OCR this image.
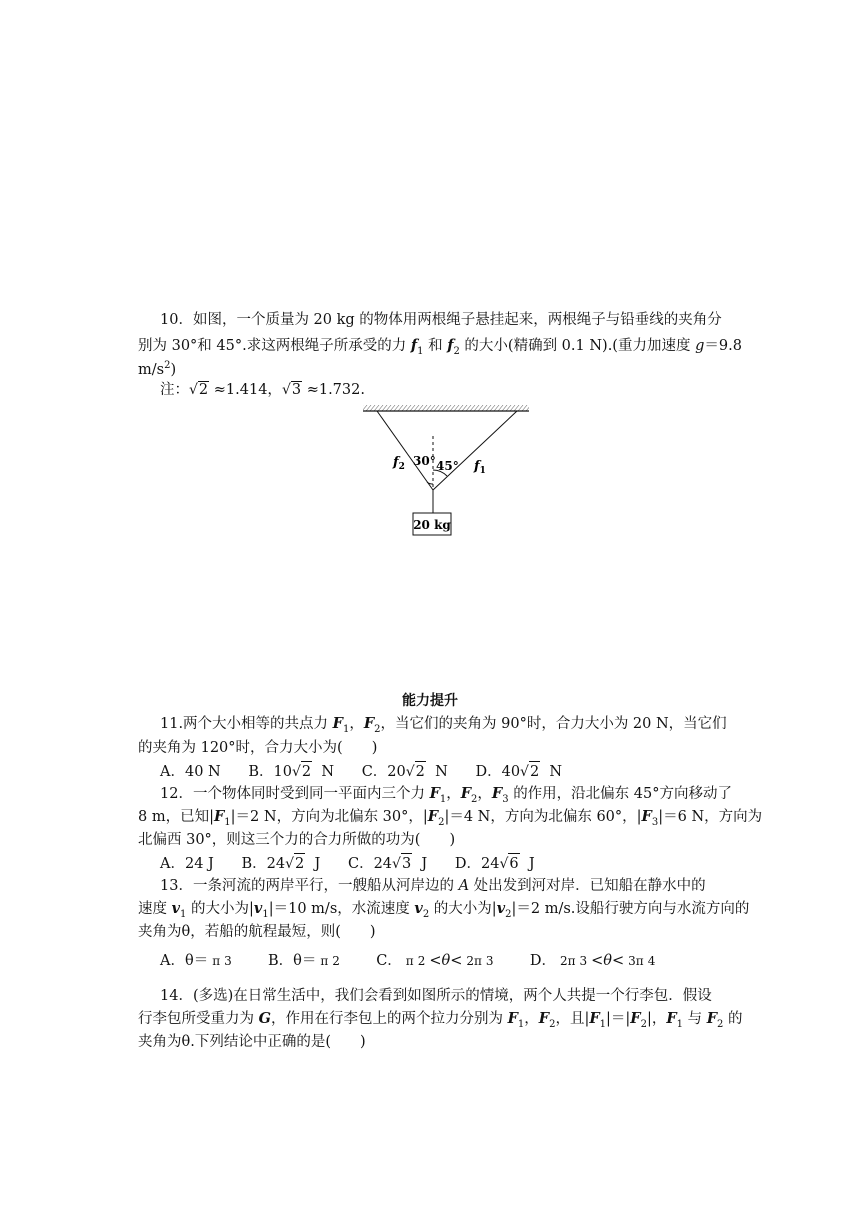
10．如图，一个质量为 20 kg 的物体用两根绳子悬挂起来，两根绳子与铅垂线的夹角分
别为 30°和 45°.求这两根绳子所承受的力 $f_1$ 和 $f_2$ 的大小(精确到 0.1 N).(重力加速度 g＝9.8
$m/s^2$)
注：√2 ≈1.414，√3 ≈1.732.
20 kg
30° 45°
$f_2$	$f_1$
能力提升
11.两个大小相等的共点力 $F_1$，$F_2$，当它们的夹角为 90°时，合力大小为 20 N，当它们
的夹角为 120°时，合力大小为(　　)
A．40 N B．10√2 N C．20√2 N D．40√2 N
12．一个物体同时受到同一平面内三个力 $F_1$，$F_2$，$F_3$ 的作用，沿北偏东 45°方向移动了
8 m，已知$|F_1|=2$ N，方向为北偏东 30°，$|F_2|=4$ N，方向为北偏东 60°，$|F_3|=6$ N，方向为
北偏西 30°，则这三个力的合力所做的功为(　　)
A．24 J B．24√2 J C．24√3 J D．24√6 J
13．一条河流的两岸平行，一艘船从河岸边的 A 处出发到河对岸．已知船在静水中的
速度 $v_1$ 的大小为$|v_1|=10$ m/s，水流速度 $v_2$ 的大小为$|v_2|=2$ m/s.设船行驶方向与水流方向的
夹角为θ，若船的航程最短，则(　　)
A．θ＝ π 3	B．θ＝ π 2	C． π 2 <θ< 2π 3	D． 2π 3 <θ< 3π 4
14．(多选)在日常生活中，我们会看到如图所示的情境，两个人共提一个行李包．假设
行李包所受重力为 G，作用在行李包上的两个拉力分别为 $F_1$，$F_2$，且$|F_1|=|F_2|$，$F_1$ 与 $F_2$ 的
夹角为θ.下列结论中正确的是(　　)
